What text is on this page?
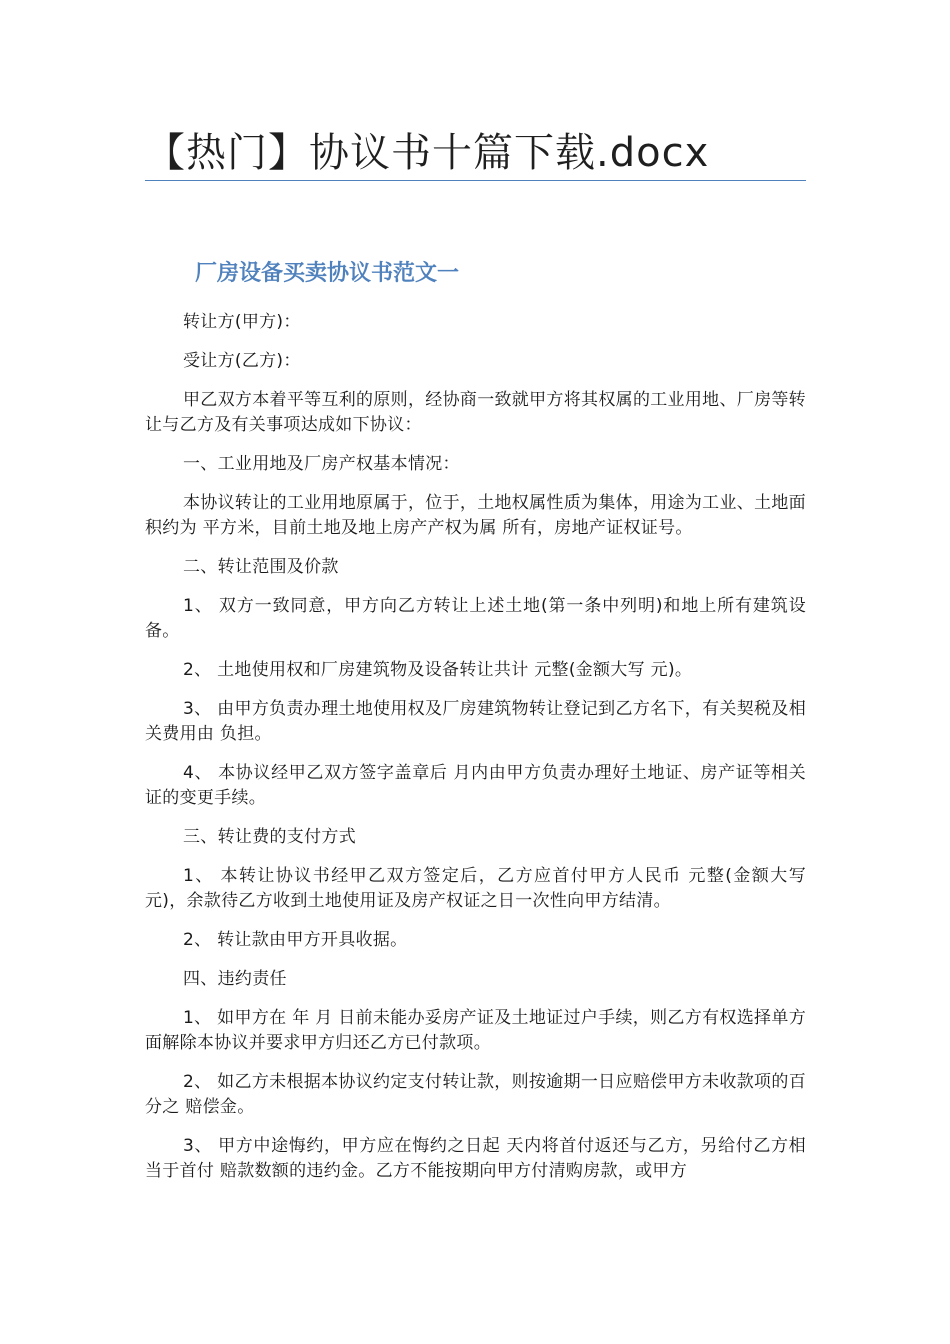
【热门】协议书十篇下载.docx
厂房设备买卖协议书范文一

转让方(甲方)：

受让方(乙方)：

甲乙双方本着平等互利的原则，经协商一致就甲方将其权属的工业用地、厂房等转让与乙方及有关事项达成如下协议：

一、工业用地及厂房产权基本情况：

本协议转让的工业用地原属于，位于，土地权属性质为集体，用途为工业、土地面积约为 平方米，目前土地及地上房产产权为属 所有，房地产证权证号。

二、转让范围及价款

1、 双方一致同意，甲方向乙方转让上述土地(第一条中列明)和地上所有建筑设备。

2、 土地使用权和厂房建筑物及设备转让共计 元整(金额大写 元)。

3、 由甲方负责办理土地使用权及厂房建筑物转让登记到乙方名下，有关契税及相关费用由 负担。

4、 本协议经甲乙双方签字盖章后 月内由甲方负责办理好土地证、房产证等相关证的变更手续。

三、转让费的支付方式

1、 本转让协议书经甲乙双方签定后，乙方应首付甲方人民币 元整(金额大写 元)，余款待乙方收到土地使用证及房产权证之日一次性向甲方结清。

2、 转让款由甲方开具收据。

四、违约责任

1、 如甲方在 年 月 日前未能办妥房产证及土地证过户手续，则乙方有权选择单方面解除本协议并要求甲方归还乙方已付款项。

2、 如乙方未根据本协议约定支付转让款，则按逾期一日应赔偿甲方未收款项的百分之 赔偿金。

3、 甲方中途悔约，甲方应在悔约之日起 天内将首付返还与乙方，另给付乙方相当于首付 赔款数额的违约金。乙方不能按期向甲方付清购房款，或甲方
